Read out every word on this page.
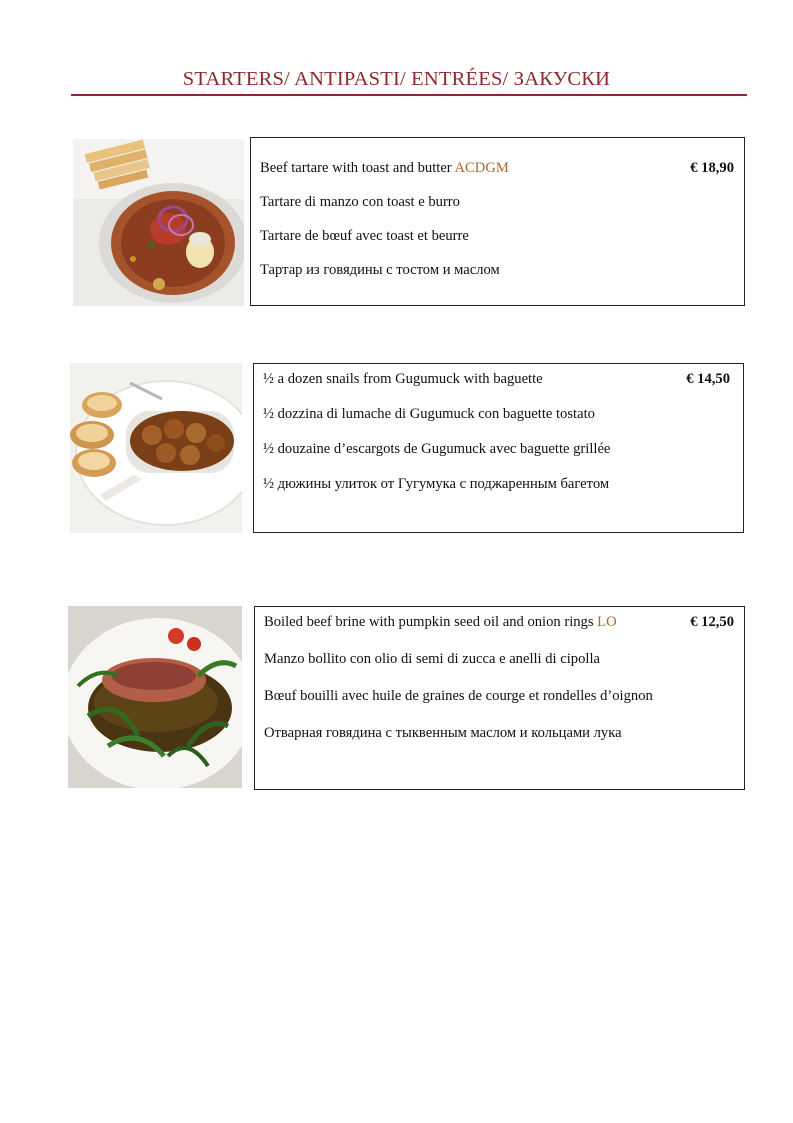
STARTERS/ ANTIPASTI/ ENTRÉES/ ЗАКУСКИ
Beef tartare with toast and butter ACDGM	€ 18,90
Tartare di manzo con toast e burro
Tartare de bœuf avec toast et beurre
Тартар из говядины с тостом и маслом
½ a dozen snails from Gugumuck with baguette	€ 14,50
½ dozzina di lumache di Gugumuck con baguette tostato
½ douzaine d’escargots de Gugumuck avec baguette grillée
½ дюжины улиток от Гугумука с поджаренным багетом
Boiled beef brine with pumpkin seed oil and onion rings LO	€ 12,50
Manzo bollito con olio di semi di zucca e anelli di cipolla
Bœuf bouilli avec huile de graines de courge et rondelles d’oignon
Отварная говядина с тыквенным маслом и кольцами лука
